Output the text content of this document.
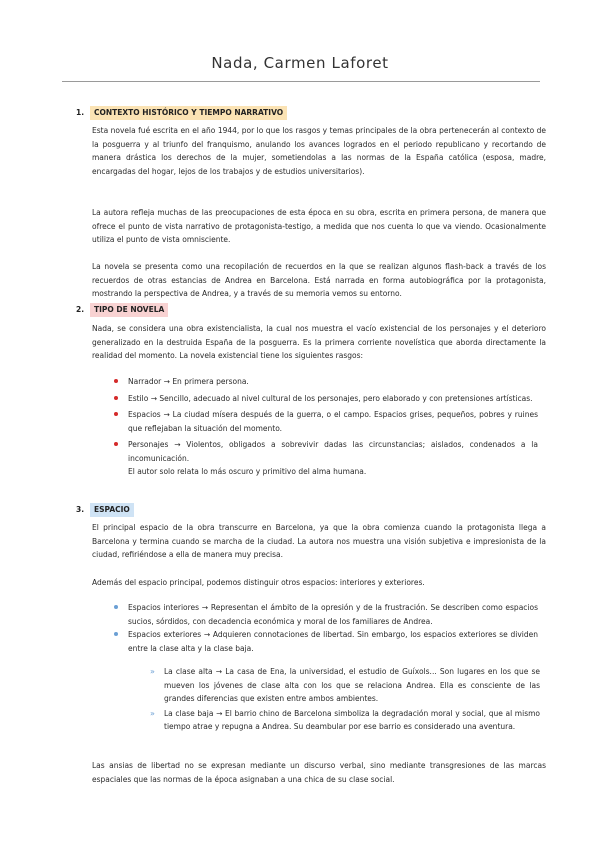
Nada, Carmen Laforet
1.	CONTEXTO HISTÓRICO Y TIEMPO NARRATIVO

Esta novela fué escrita en el año 1944, por lo que los rasgos y temas principales de la obra pertenecerán al contexto de la posguerra y al triunfo del franquismo, anulando los avances logrados en el periodo republicano y recortando de manera drástica los derechos de la mujer, sometiendolas a las normas de la España católica (esposa, madre, encargadas del hogar, lejos de los trabajos y de estudios universitarios).

La autora refleja muchas de las preocupaciones de esta época en su obra, escrita en primera persona, de manera que ofrece el punto de vista narrativo de protagonista-testigo, a medida que nos cuenta lo que va viendo. Ocasionalmente utiliza el punto de vista omnisciente.

La novela se presenta como una recopilación de recuerdos en la que se realizan algunos flash-back a través de los recuerdos de otras estancias de Andrea en Barcelona. Está narrada en forma autobiográfica por la protagonista, mostrando la perspectiva de Andrea, y a través de su memoria vemos su entorno.

2.	TIPO DE NOVELA

Nada, se considera una obra existencialista, la cual nos muestra el vacío existencial de los personajes y el deterioro generalizado en la destruida España de la posguerra. Es la primera corriente novelística que aborda directamente la realidad del momento. La novela existencial tiene los siguientes rasgos:

Narrador → En primera persona.
Estilo → Sencillo, adecuado al nivel cultural de los personajes, pero elaborado y con pretensiones artísticas.
Espacios → La ciudad mísera después de la guerra, o el campo. Espacios grises, pequeños, pobres y ruines que reflejaban la situación del momento.
Personajes → Violentos, obligados a sobrevivir dadas las circunstancias; aislados, condenados a la incomunicación.
El autor solo relata lo más oscuro y primitivo del alma humana.
3.	ESPACIO

El principal espacio de la obra transcurre en Barcelona, ya que la obra comienza cuando la protagonista llega a Barcelona y termina cuando se marcha de la ciudad. La autora nos muestra una visión subjetiva e impresionista de la ciudad, refiriéndose a ella de manera muy precisa.

Además del espacio principal, podemos distinguir otros espacios: interiores y exteriores.

Espacios interiores → Representan el ámbito de la opresión y de la frustración. Se describen como espacios sucios, sórdidos, con decadencia económica y moral de los familiares de Andrea.
Espacios exteriores → Adquieren connotaciones de libertad. Sin embargo, los espacios exteriores se dividen entre la clase alta y la clase baja.
» La clase alta → La casa de Ena, la universidad, el estudio de Guíxols... Son lugares en los que se mueven los jóvenes de clase alta con los que se relaciona Andrea. Ella es consciente de las grandes diferencias que existen entre ambos ambientes.
» La clase baja → El barrio chino de Barcelona simboliza la degradación moral y social, que al mismo tiempo atrae y repugna a Andrea. Su deambular por ese barrio es considerado una aventura.

Las ansias de libertad no se expresan mediante un discurso verbal, sino mediante transgresiones de las marcas espaciales que las normas de la época asignaban a una chica de su clase social.
